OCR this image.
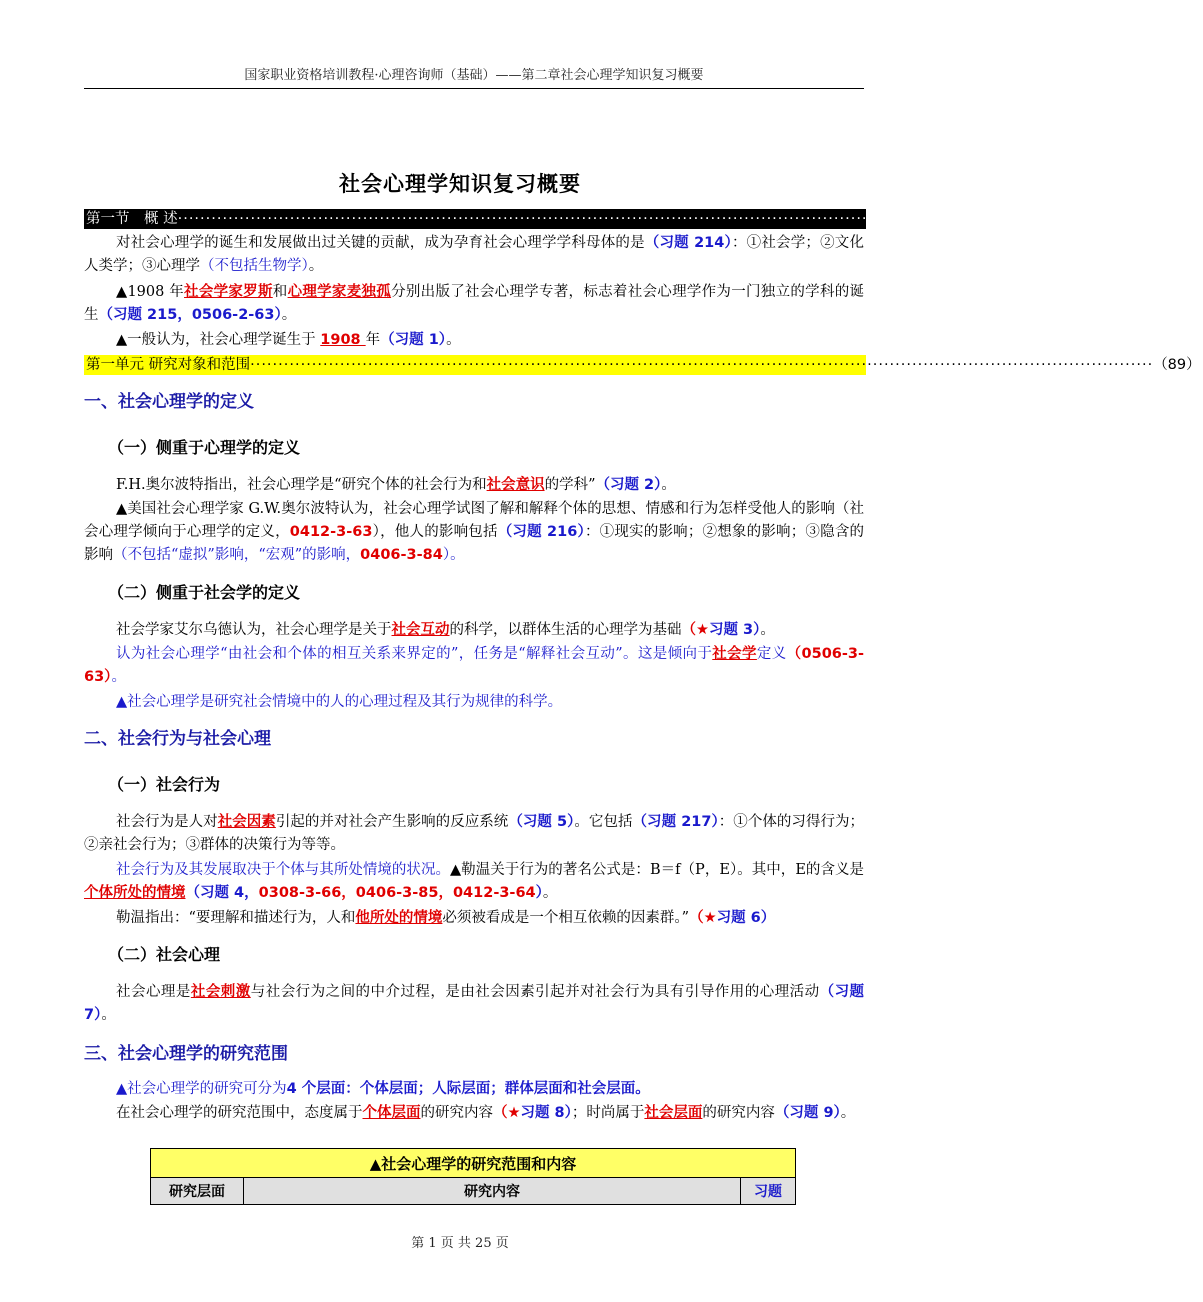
国家职业资格培训教程·心理咨询师（基础）——第二章社会心理学知识复习概要
社会心理学知识复习概要
第一节　概 述 ································································································································································· （89）
对社会心理学的诞生和发展做出过关键的贡献，成为孕育社会心理学学科母体的是（习题 214）：①社会学；②文化人类学；③心理学（不包括生物学）。
▲1908 年社会学家罗斯和心理学家麦独孤分别出版了社会心理学专著，标志着社会心理学作为一门独立的学科的诞生（习题 215，0506-2-63）。
▲一般认为，社会心理学诞生于 1908 年（习题 1）。
第一单元 研究对象和范围 ································································································································································· （89）
一、社会心理学的定义
（一）侧重于心理学的定义
F.H.奥尔波特指出，社会心理学是“研究个体的社会行为和社会意识的学科”（习题 2）。
▲美国社会心理学家 G.W.奥尔波特认为，社会心理学试图了解和解释个体的思想、情感和行为怎样受他人的影响（社会心理学倾向于心理学的定义，0412-3-63），他人的影响包括（习题 216）：①现实的影响；②想象的影响；③隐含的影响（不包括“虚拟”影响，“宏观”的影响，0406-3-84）。
（二）侧重于社会学的定义
社会学家艾尔乌德认为，社会心理学是关于社会互动的科学，以群体生活的心理学为基础（★习题 3）。
认为社会心理学“由社会和个体的相互关系来界定的”，任务是“解释社会互动”。这是倾向于社会学定义（0506-3-63）。
▲社会心理学是研究社会情境中的人的心理过程及其行为规律的科学。
二、社会行为与社会心理
（一）社会行为
社会行为是人对社会因素引起的并对社会产生影响的反应系统（习题 5）。它包括（习题 217）：①个体的习得行为；②亲社会行为；③群体的决策行为等等。
社会行为及其发展取决于个体与其所处情境的状况。▲勒温关于行为的著名公式是：B＝f（P，E）。其中，E的含义是个体所处的情境（习题 4，0308-3-66，0406-3-85，0412-3-64）。
勒温指出：“要理解和描述行为，人和他所处的情境必须被看成是一个相互依赖的因素群。”（★习题 6）
（二）社会心理
社会心理是社会刺激与社会行为之间的中介过程，是由社会因素引起并对社会行为具有引导作用的心理活动（习题 7）。
三、社会心理学的研究范围
▲社会心理学的研究可分为4 个层面：个体层面；人际层面；群体层面和社会层面。
在社会心理学的研究范围中，态度属于个体层面的研究内容（★习题 8）；时尚属于社会层面的研究内容（习题 9）。
▲社会心理学的研究范围和内容
研究层面	研究内容	习题
第 1 页 共 25 页
